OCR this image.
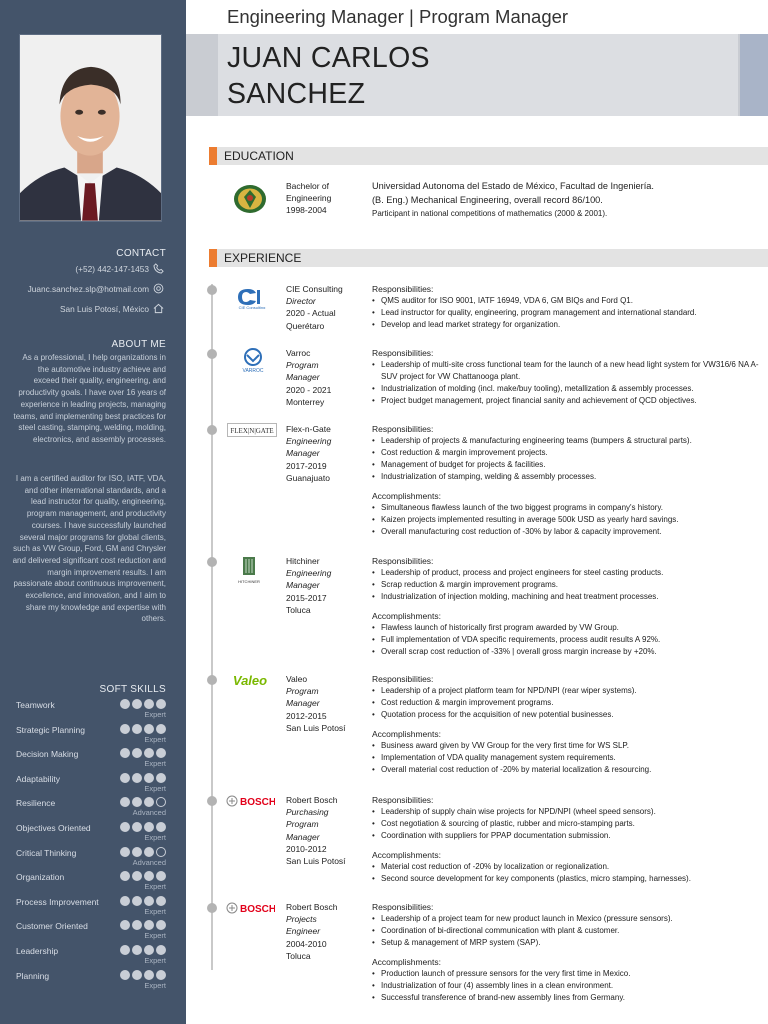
CONTACT
(+52) 442-147-1453
Juanc.sanchez.slp@hotmail.com
San Luis Potosí, México
ABOUT ME
As a professional, I help organizations in the automotive industry achieve and exceed their quality, engineering, and productivity goals. I have over 16 years of experience in leading projects, managing teams, and implementing best practices for steel casting, stamping, welding, molding, electronics, and assembly processes.
I am a certified auditor for ISO, IATF, VDA, and other international standards, and a lead instructor for quality, engineering, program management, and productivity courses. I have successfully launched several major programs for global clients, such as VW Group, Ford, GM and Chrysler and delivered significant cost reduction and margin improvement results. I am passionate about continuous improvement, excellence, and innovation, and I aim to share my knowledge and expertise with others.
SOFT SKILLS
Teamwork
Expert
Strategic Planning
Expert
Decision Making
Expert
Adaptability
Expert
Resilience
Advanced
Objectives Oriented
Expert
Critical Thinking
Advanced
Organization
Expert
Process Improvement
Expert
Customer Oriented
Expert
Leadership
Expert
Planning
Expert
Engineering Manager | Program Manager
JUAN CARLOS
SANCHEZ
EDUCATION
Bachelor of
Engineering
1998-2004
Universidad Autonoma del Estado de México, Facultad de Ingeniería.
(B. Eng.) Mechanical Engineering, overall record 86/100.
Participant in national competitions of mathematics (2000 & 2001).
EXPERIENCE
CIE Consulting
CIE Consulting
Director
2020 - Actual
Querétaro
Responsibilities:
• QMS auditor for ISO 9001, IATF 16949, VDA 6, GM BIQs and Ford Q1.
• Lead instructor for quality, engineering, program management and international standard.
• Develop and lead market strategy for organization.
VARROC
Varroc
Program
Manager
2020 - 2021
Monterrey
Responsibilities:
• Leadership of multi-site cross functional team for the launch of a new head light system for VW316/6 NA A-SUV project for VW Chattanooga plant.
• Industrialization of molding (incl. make/buy tooling), metallization & assembly processes.
• Project budget management, project financial sanity and achievement of QCD objectives.
FLEX|N|GATE Flex-n-Gate
Engineering
Manager
2017-2019
Guanajuato
Responsibilities:
• Leadership of projects & manufacturing engineering teams (bumpers & structural parts).
• Cost reduction & margin improvement projects.
• Management of budget for projects & facilities.
• Industrialization of stamping, welding & assembly processes.
Accomplishments:
• Simultaneous flawless launch of the two biggest programs in company's history.
• Kaizen projects implemented resulting in average 500k USD as yearly hard savings.
• Overall manufacturing cost reduction of -30% by labor & capacity improvement.
HITCHINER
Hitchiner
Engineering
Manager
2015-2017
Toluca
Responsibilities:
• Leadership of product, process and project engineers for steel casting products.
• Scrap reduction & margin improvement programs.
• Industrialization of injection molding, machining and heat treatment processes.
Accomplishments:
• Flawless launch of historically first program awarded by VW Group.
• Full implementation of VDA specific requirements, process audit results A 92%.
• Overall scrap cost reduction of -33% | overall gross margin increase by +20%.
Valeo Valeo
Program
Manager
2012-2015
San Luis Potosí
Responsibilities:
• Leadership of a project platform team for NPD/NPI (rear wiper systems).
• Cost reduction & margin improvement programs.
• Quotation process for the acquisition of new potential businesses.
Accomplishments:
• Business award given by VW Group for the very first time for WS SLP.
• Implementation of VDA quality management system requirements.
• Overall material cost reduction of -20% by material localization & resourcing.
BOSCH Robert Bosch
Purchasing
Program
Manager
2010-2012
San Luis Potosí
Responsibilities:
• Leadership of supply chain wise projects for NPD/NPI (wheel speed sensors).
• Cost negotiation & sourcing of plastic, rubber and micro-stamping parts.
• Coordination with suppliers for PPAP documentation submission.
Accomplishments:
• Material cost reduction of -20% by localization or regionalization.
• Second source development for key components (plastics, micro stamping, harnesses).
BOSCH Robert Bosch
Projects
Engineer
2004-2010
Toluca
Responsibilities:
• Leadership of a project team for new product launch in Mexico (pressure sensors).
• Coordination of bi-directional communication with plant & customer.
• Setup & management of MRP system (SAP).
Accomplishments:
• Production launch of pressure sensors for the very first time in Mexico.
• Industrialization of four (4) assembly lines in a clean environment.
• Successful transference of brand-new assembly lines from Germany.
